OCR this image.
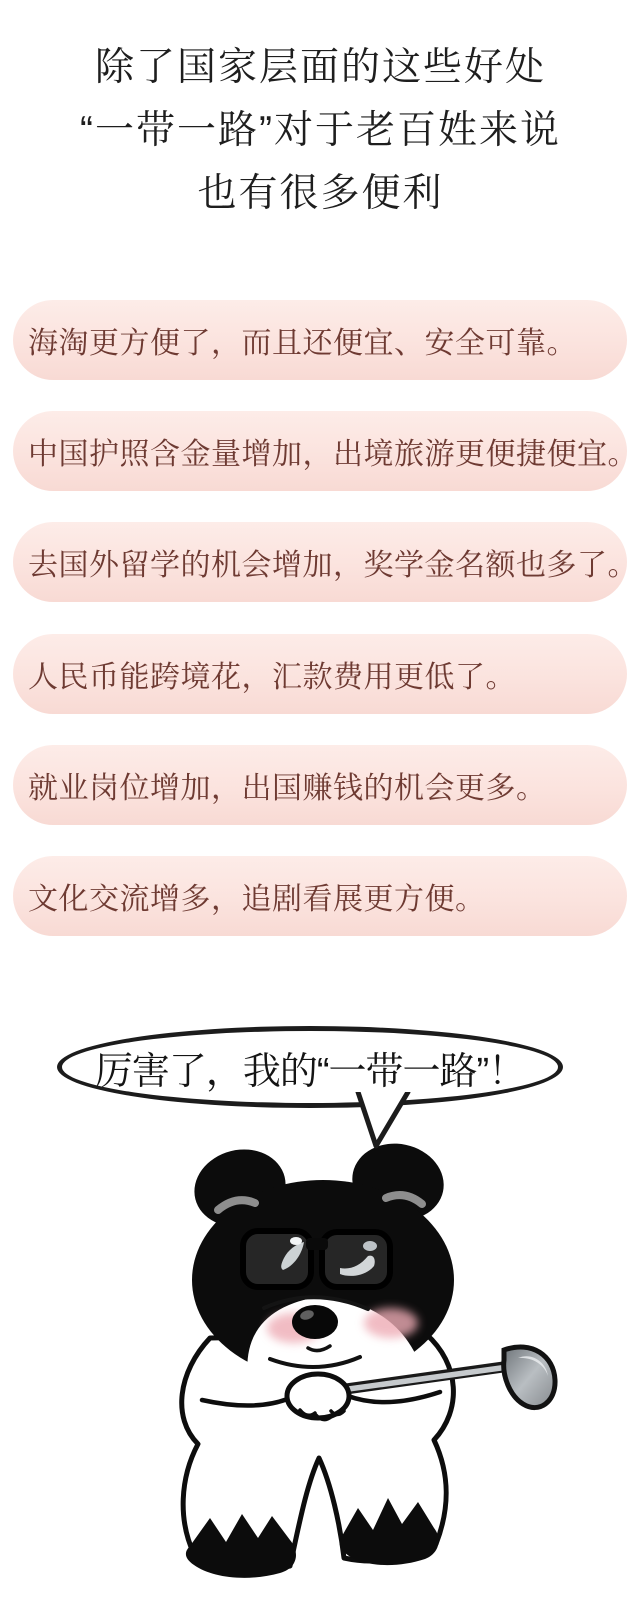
除了国家层面的这些好处
“一带一路”对于老百姓来说
也有很多便利
海淘更方便了，而且还便宜、安全可靠。
中国护照含金量增加，出境旅游更便捷便宜。
去国外留学的机会增加，奖学金名额也多了。
人民币能跨境花，汇款费用更低了。
就业岗位增加，出国赚钱的机会更多。
文化交流增多，追剧看展更方便。
厉害了，我的“一带一路”！
